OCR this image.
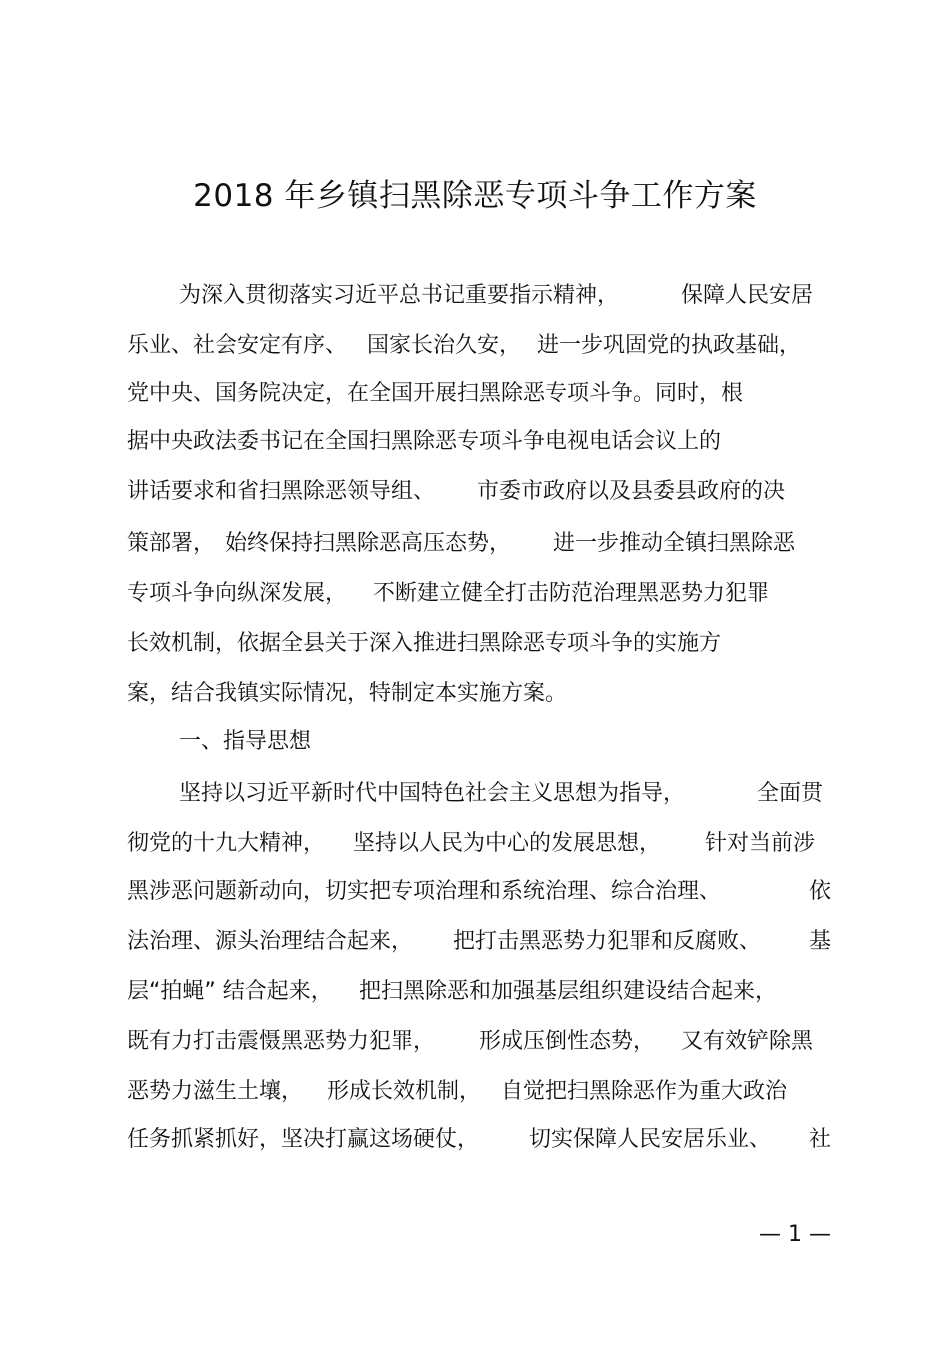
2018 年乡镇扫黑除恶专项斗争工作方案
为深入贯彻落实习近平总书记重要指示精神，	保障人民安居
乐业、社会安定有序、 国家长治久安， 进一步巩固党的执政基础，
党中央、国务院决定，在全国开展扫黑除恶专项斗争。同时，根
据中央政法委书记在全国扫黑除恶专项斗争电视电话会议上的
讲话要求和省扫黑除恶领导组、 市委市政府以及县委县政府的决
策部署， 始终保持扫黑除恶高压态势， 进一步推动全镇扫黑除恶
专项斗争向纵深发展， 不断建立健全打击防范治理黑恶势力犯罪
长效机制，依据全县关于深入推进扫黑除恶专项斗争的实施方
案，结合我镇实际情况，特制定本实施方案。
一、指导思想
坚持以习近平新时代中国特色社会主义思想为指导，	全面贯
彻党的十九大精神， 坚持以人民为中心的发展思想， 针对当前涉
黑涉恶问题新动向，切实把专项治理和系统治理、综合治理、	依
法治理、源头治理结合起来， 把打击黑恶势力犯罪和反腐败、 基
层“拍蝇” 结合起来， 把扫黑除恶和加强基层组织建设结合起来，
既有力打击震慑黑恶势力犯罪， 形成压倒性态势， 又有效铲除黑
恶势力滋生土壤， 形成长效机制， 自觉把扫黑除恶作为重大政治
任务抓紧抓好，坚决打赢这场硬仗， 切实保障人民安居乐业、 社
— 1 —
